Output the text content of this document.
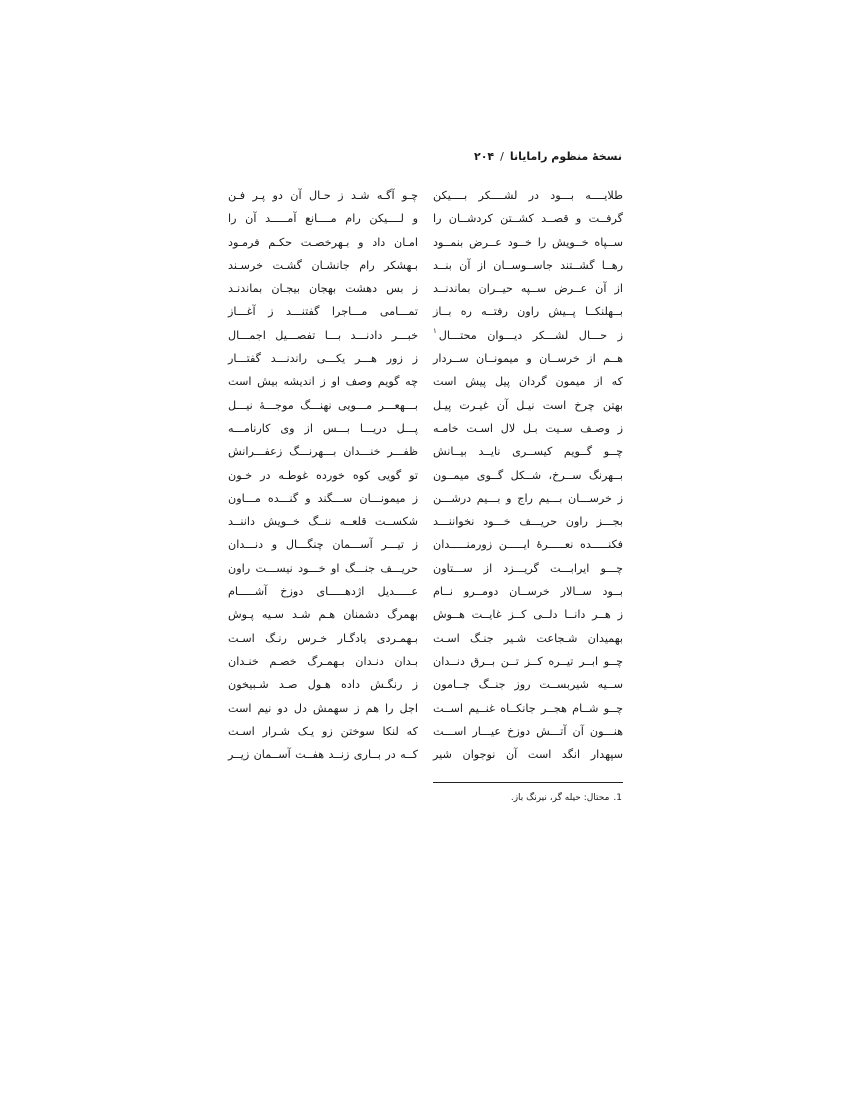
نسخهٔ منظوم رامایانا/۲۰۴
طلایــــه بـــود در لشــــکر بــــیکن
گرفــت و قصــد کشــتن کردشــان را
ســپاه خــویش را خــود عــرض بنمــود
رهــا گشــتند جاســوســان از آن بنــد
از آن عــرض ســپه حیــران بماندنــد
بــهلنکــا پــیش راون رفتــه ره بــاز
ز حـــال لشـــکر دیـــوان محتـــال$^۱$
هــم از خرســان و میمونــان ســردار
که از میمون گردان پیل پیش است
بهتن چرخ است نیـل آن غیـرت پیـل
ز وصـف سـیت بـل لال اسـت خامـه
چــو گــویم کیســری نایــد بیــانش
بــهرنگ ســرخ، شــکل گــوی میمــون
ز خرســـان بـــیم راج و بـــیم درشـــن
بجـــز راون حریـــف خـــود نخواننـــد
فکنـــــده نعـــــرهٔ ایـــــن زورمنـــــدان
چـــو ایرابـــت گریـــزد از ســـتاون
بــود ســالار خرســان دومــرو نــام
ز هــر دانــا دلــی کــز غایــت هــوش
بهمیدان شـجاعت شـیر جنـگ اسـت
چــو ابــر تیــره کــز تــن بــرق دنــدان
ســیه شیربســت روز جنــگ جــامون
چــو شــام هجــر جانکــاه غنــیم اســت
هنـــون آن آتـــش دوزخ عیـــار اســـت
سپهدار انگد است آن نوجوان شیر
چـو آگـه شـد ز حـال آن دو پـر فـن
و لــــیکن رام مــــانع آمـــــد آن را
امـان داد و بـهرخصـت حکـم فرمـود
بـهشکر رام جانشـان گشـت خرسـند
ز بس دهشت بهجان بیجـان بماندنـد
تمـــامی مـــاجرا گفتنـــد ز آغـــاز
خبـــر دادنـــد بـــا تفصـــیل اجمـــال
ز زور هـــر یکـــی راندنـــد گفتـــار
چه گویم وصف او ز اندیشه بیش است
بـــهعـــر مـــویی نهنـــگ موجـــهٔ نیـــل
پـــل دریـــا بـــس از وی کارنامـــه
ظفـــر خنـــدان بـــهرنـــگ زعفـــرانش
تو گویی کوه خورده غوطـه در خـون
ز میمونـــان ســـگند و گنـــده مـــاون
شکســت قلعــه ننــگ خــویش داننــد
ز تیـــر آســـمان چنگـــال و دنـــدان
حریـــف جنـــگ او خـــود نیســـت راون
عـــــدیل اژدهـــــای دوزخ آشـــــام
بهمرگ دشمنان هـم شـد سـیه پـوش
بـهمـردی یادگـار خـرس رنـگ اسـت
بـدان دنـدان بـهمـرگ خصـم خنـدان
ز رنگـش داده هـول صـد شـبیخون
اجل را هم ز سهمش دل دو نیم است
که لنکا سوختن زو یـک شـرار اسـت
کــه در بــاری زنــد هفــت آســمان زیــر
1.محتال: حیله گر، نیرنگ باز.
